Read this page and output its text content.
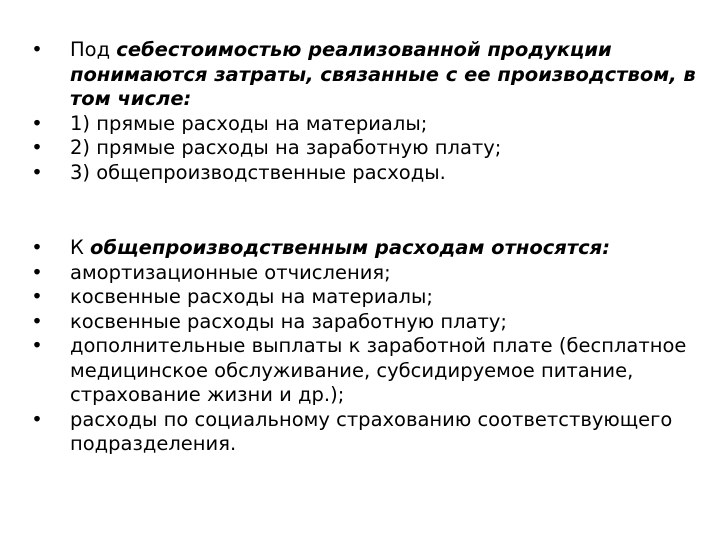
• Под себестоимостью реализованной продукции понимаются затраты, связанные с ее производством, в том числе:
• 1) прямые расходы на материалы;
• 2) прямые расходы на заработную плату;
• 3) общепроизводственные расходы.
• К общепроизводственным расходам относятся:
• амортизационные отчисления;
• косвенные расходы на материалы;
• косвенные расходы на заработную плату;
• дополнительные выплаты к заработной плате (бесплатное медицинское обслуживание, субсидируемое питание, страхование жизни и др.);
• расходы по социальному страхованию соответствующего подразделения.
